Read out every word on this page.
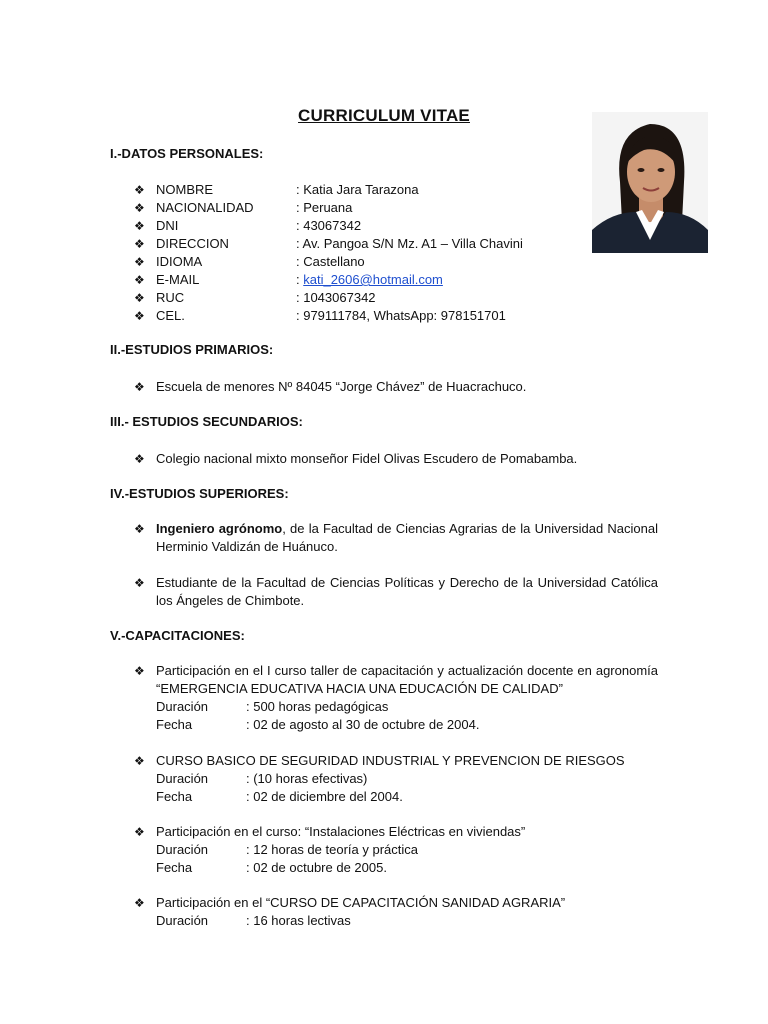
CURRICULUM VITAE
I.-DATOS PERSONALES:
❖ NOMBRE	: Katia Jara Tarazona
❖ NACIONALIDAD	: Peruana
❖ DNI	: 43067342
❖ DIRECCION	: Av. Pangoa S/N Mz. A1 – Villa Chavini
❖ IDIOMA	: Castellano
❖ E-MAIL	: kati_2606@hotmail.com
❖ RUC	: 1043067342
❖ CEL.	: 979111784, WhatsApp: 978151701
II.-ESTUDIOS PRIMARIOS:
❖ Escuela de menores Nº 84045 “Jorge Chávez” de Huacrachuco.
III.- ESTUDIOS SECUNDARIOS:
❖ Colegio nacional mixto monseñor Fidel Olivas Escudero de Pomabamba.
IV.-ESTUDIOS SUPERIORES:
❖ Ingeniero agrónomo, de la Facultad de Ciencias Agrarias de la Universidad Nacional Herminio Valdizán de Huánuco.
❖ Estudiante de la Facultad de Ciencias Políticas y Derecho de la Universidad Católica los Ángeles de Chimbote.
V.-CAPACITACIONES:
❖ Participación en el I curso taller de capacitación y actualización docente en agronomía “EMERGENCIA EDUCATIVA HACIA UNA EDUCACIÓN DE CALIDAD”
Duración	: 500 horas pedagógicas
Fecha	: 02 de agosto al 30 de octubre de 2004.
❖ CURSO BASICO DE SEGURIDAD INDUSTRIAL Y PREVENCION DE RIESGOS
Duración	: (10 horas efectivas)
Fecha	: 02 de diciembre del 2004.
❖ Participación en el curso: “Instalaciones Eléctricas en viviendas”
Duración	: 12 horas de teoría y práctica
Fecha	: 02 de octubre de 2005.
❖ Participación en el “CURSO DE CAPACITACIÓN SANIDAD AGRARIA”
Duración	: 16 horas lectivas
